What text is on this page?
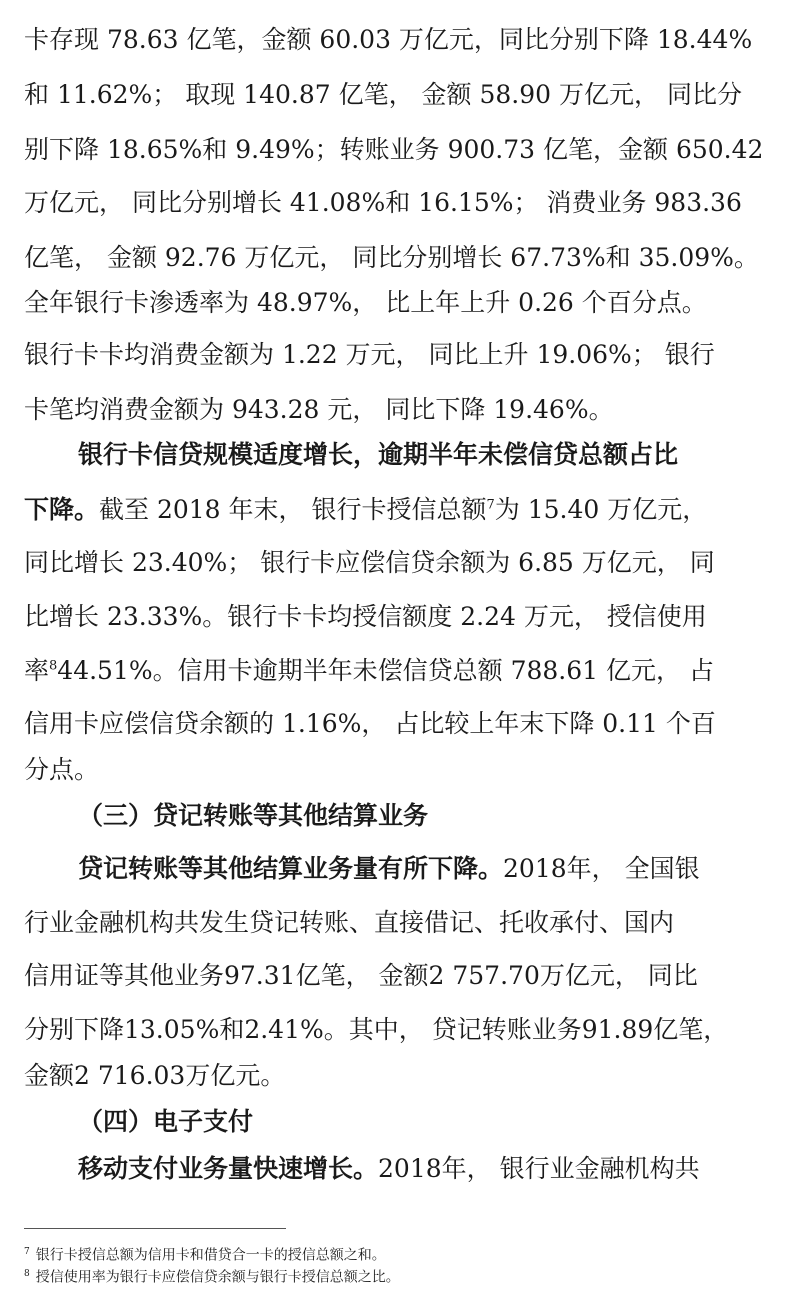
卡存现 78.63 亿笔，金额 60.03 万亿元，同比分别下降 18.44%
和 11.62%； 取现 140.87 亿笔， 金额 58.90 万亿元， 同比分
别下降 18.65%和 9.49%；转账业务 900.73 亿笔，金额 650.42
万亿元， 同比分别增长 41.08%和 16.15%； 消费业务 983.36
亿笔， 金额 92.76 万亿元， 同比分别增长 67.73%和 35.09%。
全年银行卡渗透率为 48.97%， 比上年上升 0.26 个百分点。
银行卡卡均消费金额为 1.22 万元， 同比上升 19.06%； 银行
卡笔均消费金额为 943.28 元， 同比下降 19.46%。
银行卡信贷规模适度增长，逾期半年未偿信贷总额占比
下降。截至 2018 年末， 银行卡授信总额$^7$为 15.40 万亿元，
同比增长 23.40%； 银行卡应偿信贷余额为 6.85 万亿元， 同
比增长 23.33%。银行卡卡均授信额度 2.24 万元， 授信使用
率$^8$44.51%。信用卡逾期半年未偿信贷总额 788.61 亿元， 占
信用卡应偿信贷余额的 1.16%， 占比较上年末下降 0.11 个百
分点。
（三）贷记转账等其他结算业务
贷记转账等其他结算业务量有所下降。2018年， 全国银
行业金融机构共发生贷记转账、直接借记、托收承付、国内
信用证等其他业务97.31亿笔， 金额2 757.70万亿元， 同比
分别下降13.05%和2.41%。其中， 贷记转账业务91.89亿笔，
金额2 716.03万亿元。
（四）电子支付
移动支付业务量快速增长。2018年， 银行业金融机构共
$^7$ 银行卡授信总额为信用卡和借贷合一卡的授信总额之和。
$^8$ 授信使用率为银行卡应偿信贷余额与银行卡授信总额之比。
